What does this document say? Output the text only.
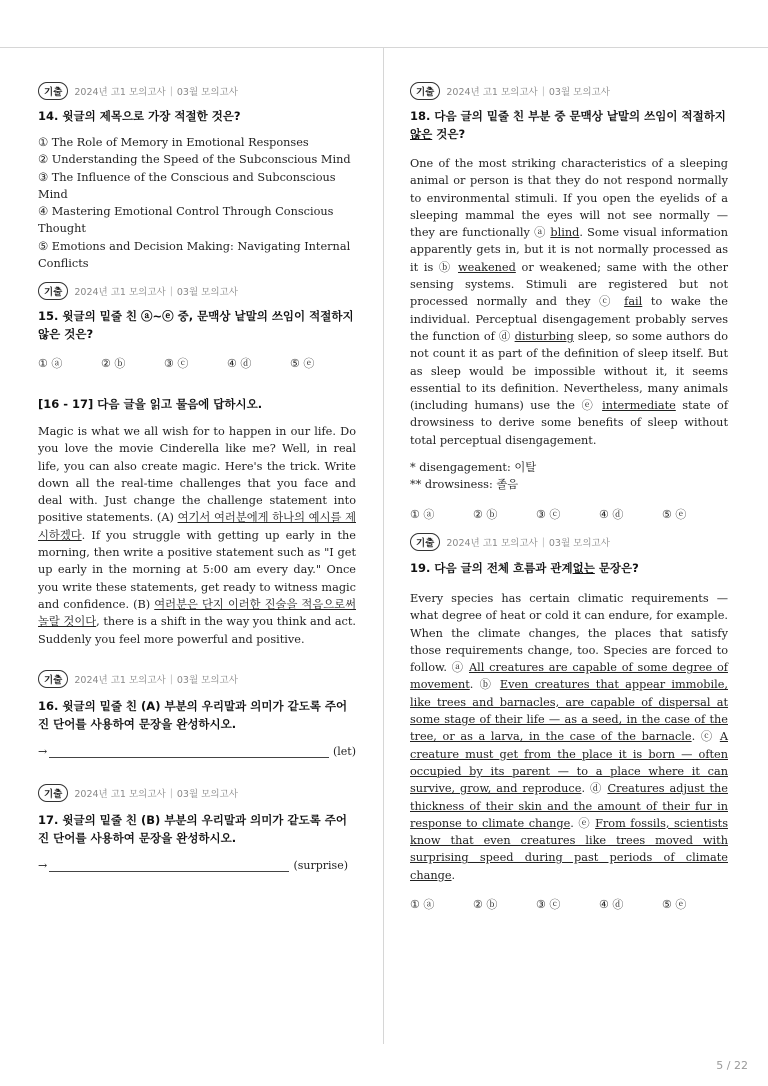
기출	2024년 고1 모의고사 | 03월 모의고사

14. 윗글의 제목으로 가장 적절한 것은?

① The Role of Memory in Emotional Responses

② Understanding the Speed of the Subconscious Mind

③ The Influence of the Conscious and Subconscious Mind

④ Mastering Emotional Control Through Conscious Thought

⑤ Emotions and Decision Making: Navigating Internal Conflicts

기출	2024년 고1 모의고사 | 03월 모의고사

15. 윗글의 밑줄 친 ⓐ~ⓔ 중, 문맥상 낱말의 쓰임이 적절하지 않은 것은?

① ⓐ	② ⓑ	③ ⓒ	④ ⓓ	⑤ ⓔ

[16 - 17] 다음 글을 읽고 물음에 답하시오.

Magic is what we all wish for to happen in our life. Do you love the movie Cinderella like me? Well, in real life, you can also create magic. Here's the trick. Write down all the real-time challenges that you face and deal with. Just change the challenge statement into positive statements. (A) 여기서 여러분에게 하나의 예시를 제시하겠다. If you struggle with getting up early in the morning, then write a positive statement such as "I get up early in the morning at 5:00 am every day." Once you write these statements, get ready to witness magic and confidence. (B) 여러분은 단지 이러한 진술을 적음으로써 놀랄 것이다, there is a shift in the way you think and act. Suddenly you feel more powerful and positive.

기출	2024년 고1 모의고사 | 03월 모의고사

16. 윗글의 밑줄 친 (A) 부분의 우리말과 의미가 같도록 주어진 단어를 사용하여 문장을 완성하시오.

→	(let)
기출	2024년 고1 모의고사 | 03월 모의고사

17. 윗글의 밑줄 친 (B) 부분의 우리말과 의미가 같도록 주어진 단어를 사용하여 문장을 완성하시오.

→	(surprise)
기출	2024년 고1 모의고사 | 03월 모의고사

18. 다음 글의 밑줄 친 부분 중 문맥상 낱말의 쓰임이 적절하지 않은 것은?

One of the most striking characteristics of a sleeping animal or person is that they do not respond normally to environmental stimuli. If you open the eyelids of a sleeping mammal the eyes will not see normally — they are functionally ⓐ blind. Some visual information apparently gets in, but it is not normally processed as it is ⓑ weakened or weakened; same with the other sensing systems. Stimuli are registered but not processed normally and they ⓒ fail to wake the individual. Perceptual disengagement probably serves the function of ⓓ disturbing sleep, so some authors do not count it as part of the definition of sleep itself. But as sleep would be impossible without it, it seems essential to its definition. Nevertheless, many animals (including humans) use the ⓔ intermediate state of drowsiness to derive some benefits of sleep without total perceptual disengagement.

* disengagement: 이탈

** drowsiness: 졸음

① ⓐ	② ⓑ	③ ⓒ	④ ⓓ	⑤ ⓔ
기출	2024년 고1 모의고사 | 03월 모의고사

19. 다음 글의 전체 흐름과 관계없는 문장은?

Every species has certain climatic requirements — what degree of heat or cold it can endure, for example. When the climate changes, the places that satisfy those requirements change, too. Species are forced to follow. ⓐ All creatures are capable of some degree of movement. ⓑ Even creatures that appear immobile, like trees and barnacles, are capable of dispersal at some stage of their life — as a seed, in the case of the tree, or as a larva, in the case of the barnacle. ⓒ A creature must get from the place it is born — often occupied by its parent — to a place where it can survive, grow, and reproduce. ⓓ Creatures adjust the thickness of their skin and the amount of their fur in response to climate change. ⓔ From fossils, scientists know that even creatures like trees moved with surprising speed during past periods of climate change.

① ⓐ	② ⓑ	③ ⓒ	④ ⓓ	⑤ ⓔ
5 / 22
